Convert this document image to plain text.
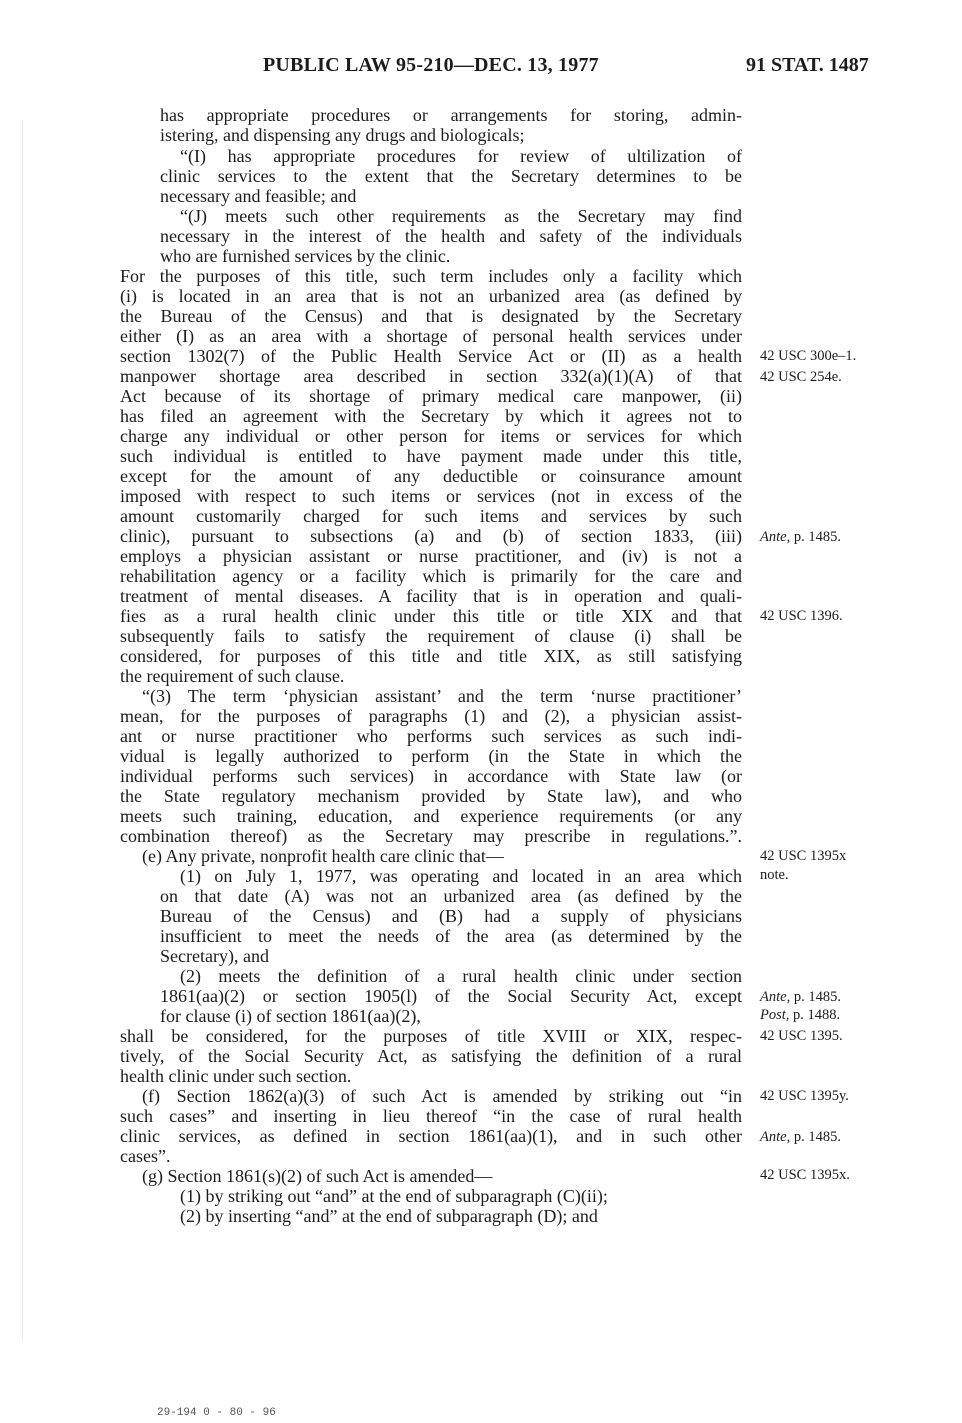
PUBLIC LAW 95-210—DEC. 13, 1977	91 STAT. 1487
has appropriate procedures or arrangements for storing, admin-
istering, and dispensing any drugs and biologicals;
“(I) has appropriate procedures for review of ultilization of
clinic services to the extent that the Secretary determines to be
necessary and feasible; and
“(J) meets such other requirements as the Secretary may find
necessary in the interest of the health and safety of the individuals
who are furnished services by the clinic.
For the purposes of this title, such term includes only a facility which
(i) is located in an area that is not an urbanized area (as defined by
the Bureau of the Census) and that is designated by the Secretary
either (I) as an area with a shortage of personal health services under
section 1302(7) of the Public Health Service Act or (II) as a health
manpower shortage area described in section 332(a)(1)(A) of that
Act because of its shortage of primary medical care manpower, (ii)
has filed an agreement with the Secretary by which it agrees not to
charge any individual or other person for items or services for which
such individual is entitled to have payment made under this title,
except for the amount of any deductible or coinsurance amount
imposed with respect to such items or services (not in excess of the
amount customarily charged for such items and services by such
clinic), pursuant to subsections (a) and (b) of section 1833, (iii)
employs a physician assistant or nurse practitioner, and (iv) is not a
rehabilitation agency or a facility which is primarily for the care and
treatment of mental diseases. A facility that is in operation and quali-
fies as a rural health clinic under this title or title XIX and that
subsequently fails to satisfy the requirement of clause (i) shall be
considered, for purposes of this title and title XIX, as still satisfying
the requirement of such clause.
“(3) The term ‘physician assistant’ and the term ‘nurse practitioner’
mean, for the purposes of paragraphs (1) and (2), a physician assist-
ant or nurse practitioner who performs such services as such indi-
vidual is legally authorized to perform (in the State in which the
individual performs such services) in accordance with State law (or
the State regulatory mechanism provided by State law), and who
meets such training, education, and experience requirements (or any
combination thereof) as the Secretary may prescribe in regulations.”.
(e) Any private, nonprofit health care clinic that—
(1) on July 1, 1977, was operating and located in an area which
on that date (A) was not an urbanized area (as defined by the
Bureau of the Census) and (B) had a supply of physicians
insufficient to meet the needs of the area (as determined by the
Secretary), and
(2) meets the definition of a rural health clinic under section
1861(aa)(2) or section 1905(l) of the Social Security Act, except
for clause (i) of section 1861(aa)(2),
shall be considered, for the purposes of title XVIII or XIX, respec-
tively, of the Social Security Act, as satisfying the definition of a rural
health clinic under such section.
(f) Section 1862(a)(3) of such Act is amended by striking out “in
such cases” and inserting in lieu thereof “in the case of rural health
clinic services, as defined in section 1861(aa)(1), and in such other
cases”.
(g) Section 1861(s)(2) of such Act is amended—
(1) by striking out “and” at the end of subparagraph (C)(ii);
(2) by inserting “and” at the end of subparagraph (D); and
42 USC 300e–1.
42 USC 254e.
Ante, p. 1485.
42 USC 1396.
42 USC 1395x
note.
Ante, p. 1485.
Post, p. 1488.
42 USC 1395.
42 USC 1395y.
Ante, p. 1485.
42 USC 1395x.
29-194 0 - 80 - 96
